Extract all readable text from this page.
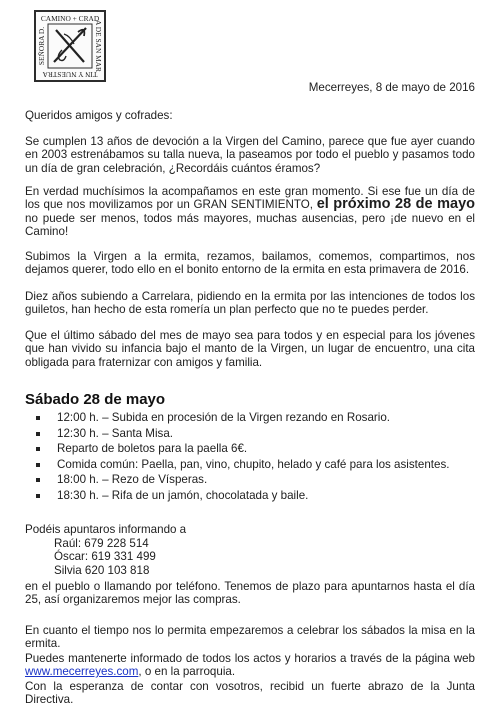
CAMINO + CRAD
A DE SAN MAR
TIN Y NUESTRA
SEÑORA D.
Mecerreyes, 8 de mayo de 2016
Queridos amigos y cofrades:
Se cumplen 13 años de devoción a la Virgen del Camino, parece que fue ayer cuando en 2003 estrenábamos su talla nueva, la paseamos por todo el pueblo y pasamos todo un día de gran celebración, ¿Recordáis cuántos éramos?
En verdad muchísimos la acompañamos en este gran momento. Si ese fue un día de los que nos movilizamos por un GRAN SENTIMIENTO, el próximo 28 de mayo no puede ser menos, todos más mayores, muchas ausencias, pero ¡de nuevo en el Camino!
Subimos la Virgen a la ermita, rezamos, bailamos, comemos, compartimos, nos dejamos querer, todo ello en el bonito entorno de la ermita en esta primavera de 2016.
Diez años subiendo a Carrelara, pidiendo en la ermita por las intenciones de todos los guiletos, han hecho de esta romería un plan perfecto que no te puedes perder.
Que el último sábado del mes de mayo sea para todos y en especial para los jóvenes que han vivido su infancia bajo el manto de la Virgen, un lugar de encuentro, una cita obligada para fraternizar con amigos y familia.
Sábado 28 de mayo
12:00 h. – Subida en procesión de la Virgen rezando en Rosario.
12:30 h. – Santa Misa.
Reparto de boletos para la paella 6€.
Comida común: Paella, pan, vino, chupito, helado y café para los asistentes.
18:00 h. – Rezo de Vísperas.
18:30 h. – Rifa de un jamón, chocolatada y baile.
Podéis apuntaros informando a
Raúl: 679 228 514
Óscar: 619 331 499
Silvia 620 103 818
en el pueblo o llamando por teléfono. Tenemos de plazo para apuntarnos hasta el día 25, así organizaremos mejor las compras.
En cuanto el tiempo nos lo permita empezaremos a celebrar los sábados la misa en la ermita.
Puedes mantenerte informado de todos los actos y horarios a través de la página web www.mecerreyes.com, o en la parroquia.
Con la esperanza de contar con vosotros, recibid un fuerte abrazo de la Junta Directiva.
